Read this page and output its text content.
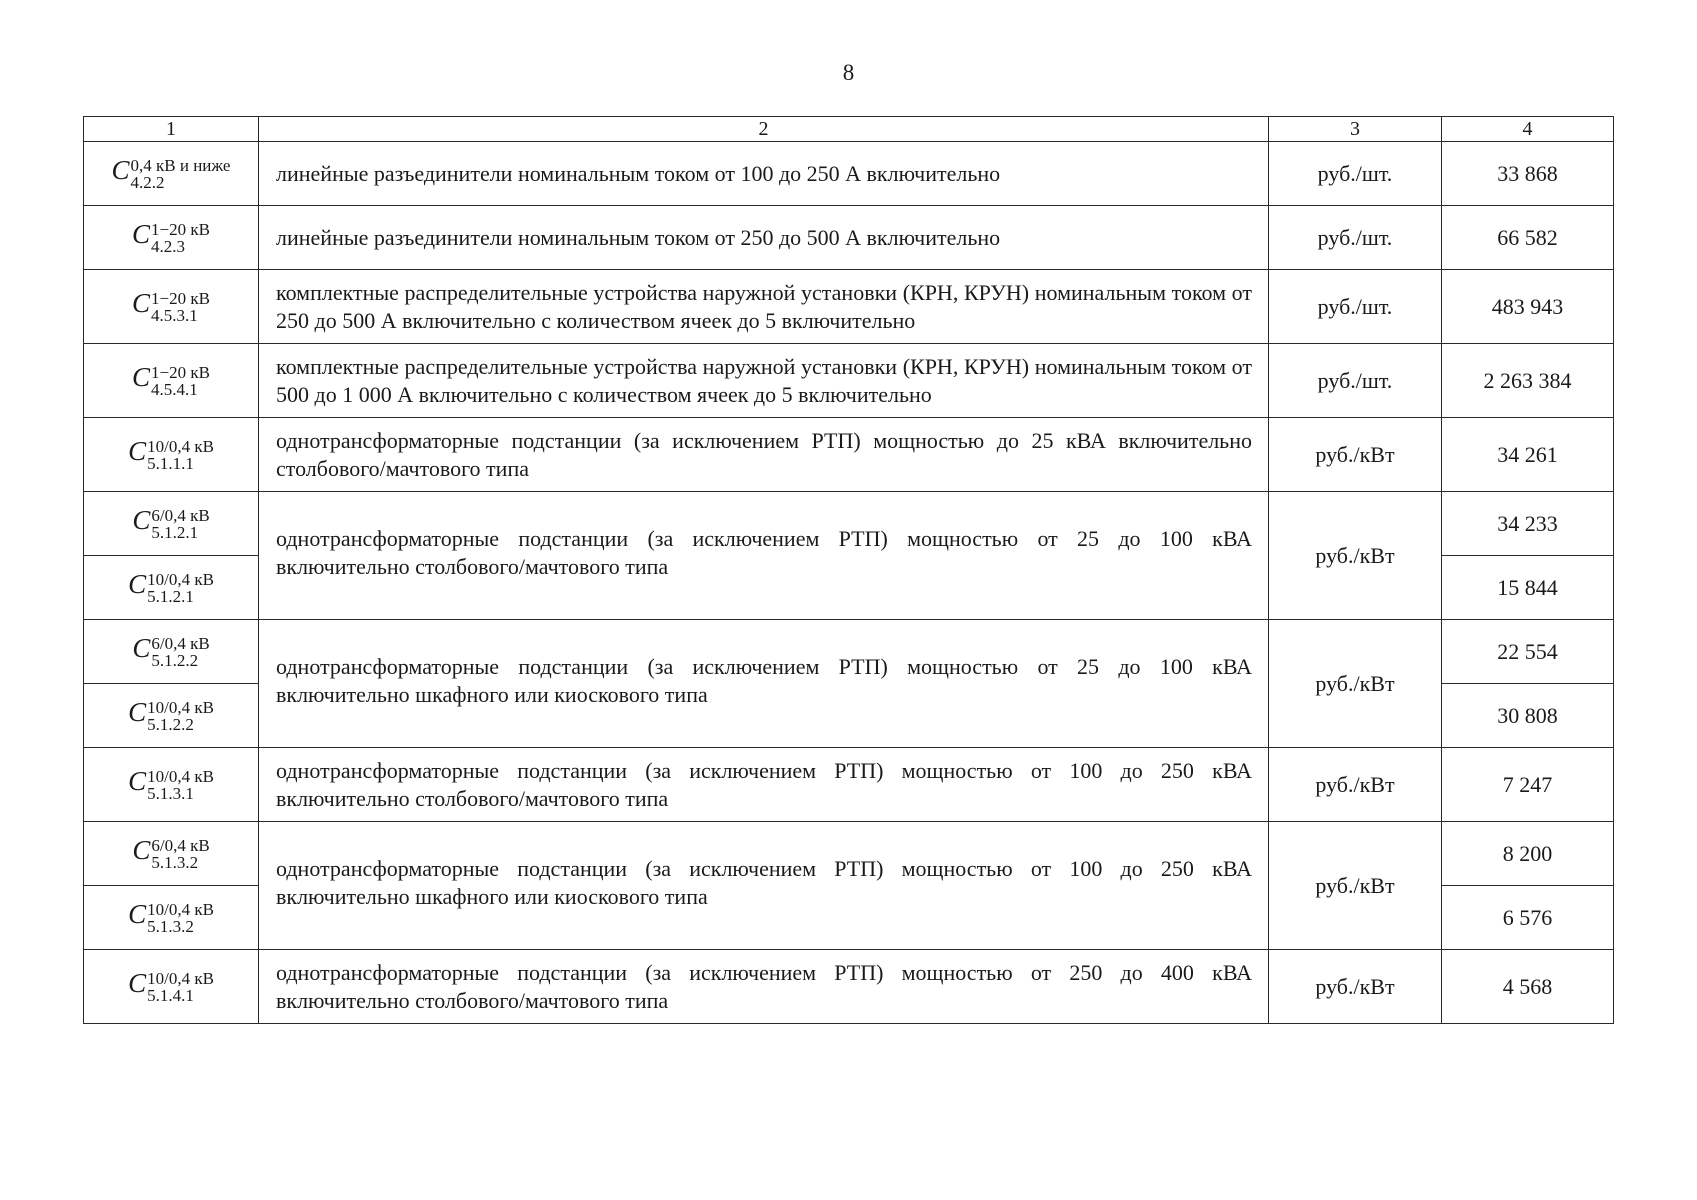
8
1	2	3	4
C 0,4 кВ и ниже
4.2.2	линейные разъединители номинальным током от 100 до 250 А включительно	руб./шт.	33 868
C 1−20 кВ
4.2.3	линейные разъединители номинальным током от 250 до 500 А включительно	руб./шт.	66 582
C 1−20 кВ
4.5.3.1	комплектные распределительные устройства наружной установки (КРН, КРУН) номинальным током от 250 до 500 А включительно с количеством ячеек до 5 включительно	руб./шт.	483 943
C 1−20 кВ
4.5.4.1	комплектные распределительные устройства наружной установки (КРН, КРУН) номинальным током от 500 до 1 000 А включительно с количеством ячеек до 5 включительно	руб./шт.	2 263 384
C 10/0,4 кВ
5.1.1.1	однотрансформаторные подстанции (за исключением РТП) мощностью до 25 кВА включительно столбового/мачтового типа	руб./кВт	34 261
C 6/0,4 кВ
5.1.2.1	однотрансформаторные подстанции (за исключением РТП) мощностью от 25 до 100 кВА включительно столбового/мачтового типа	руб./кВт	34 233
C 10/0,4 кВ
5.1.2.1			15 844
C 6/0,4 кВ
5.1.2.2	однотрансформаторные подстанции (за исключением РТП) мощностью от 25 до 100 кВА включительно шкафного или киоскового типа	руб./кВт	22 554
C 10/0,4 кВ
5.1.2.2			30 808
C 10/0,4 кВ
5.1.3.1	однотрансформаторные подстанции (за исключением РТП) мощностью от 100 до 250 кВА включительно столбового/мачтового типа	руб./кВт	7 247
C 6/0,4 кВ
5.1.3.2	однотрансформаторные подстанции (за исключением РТП) мощностью от 100 до 250 кВА включительно шкафного или киоскового типа	руб./кВт	8 200
C 10/0,4 кВ
5.1.3.2			6 576
C 10/0,4 кВ
5.1.4.1	однотрансформаторные подстанции (за исключением РТП) мощностью от 250 до 400 кВА включительно столбового/мачтового типа	руб./кВт	4 568
